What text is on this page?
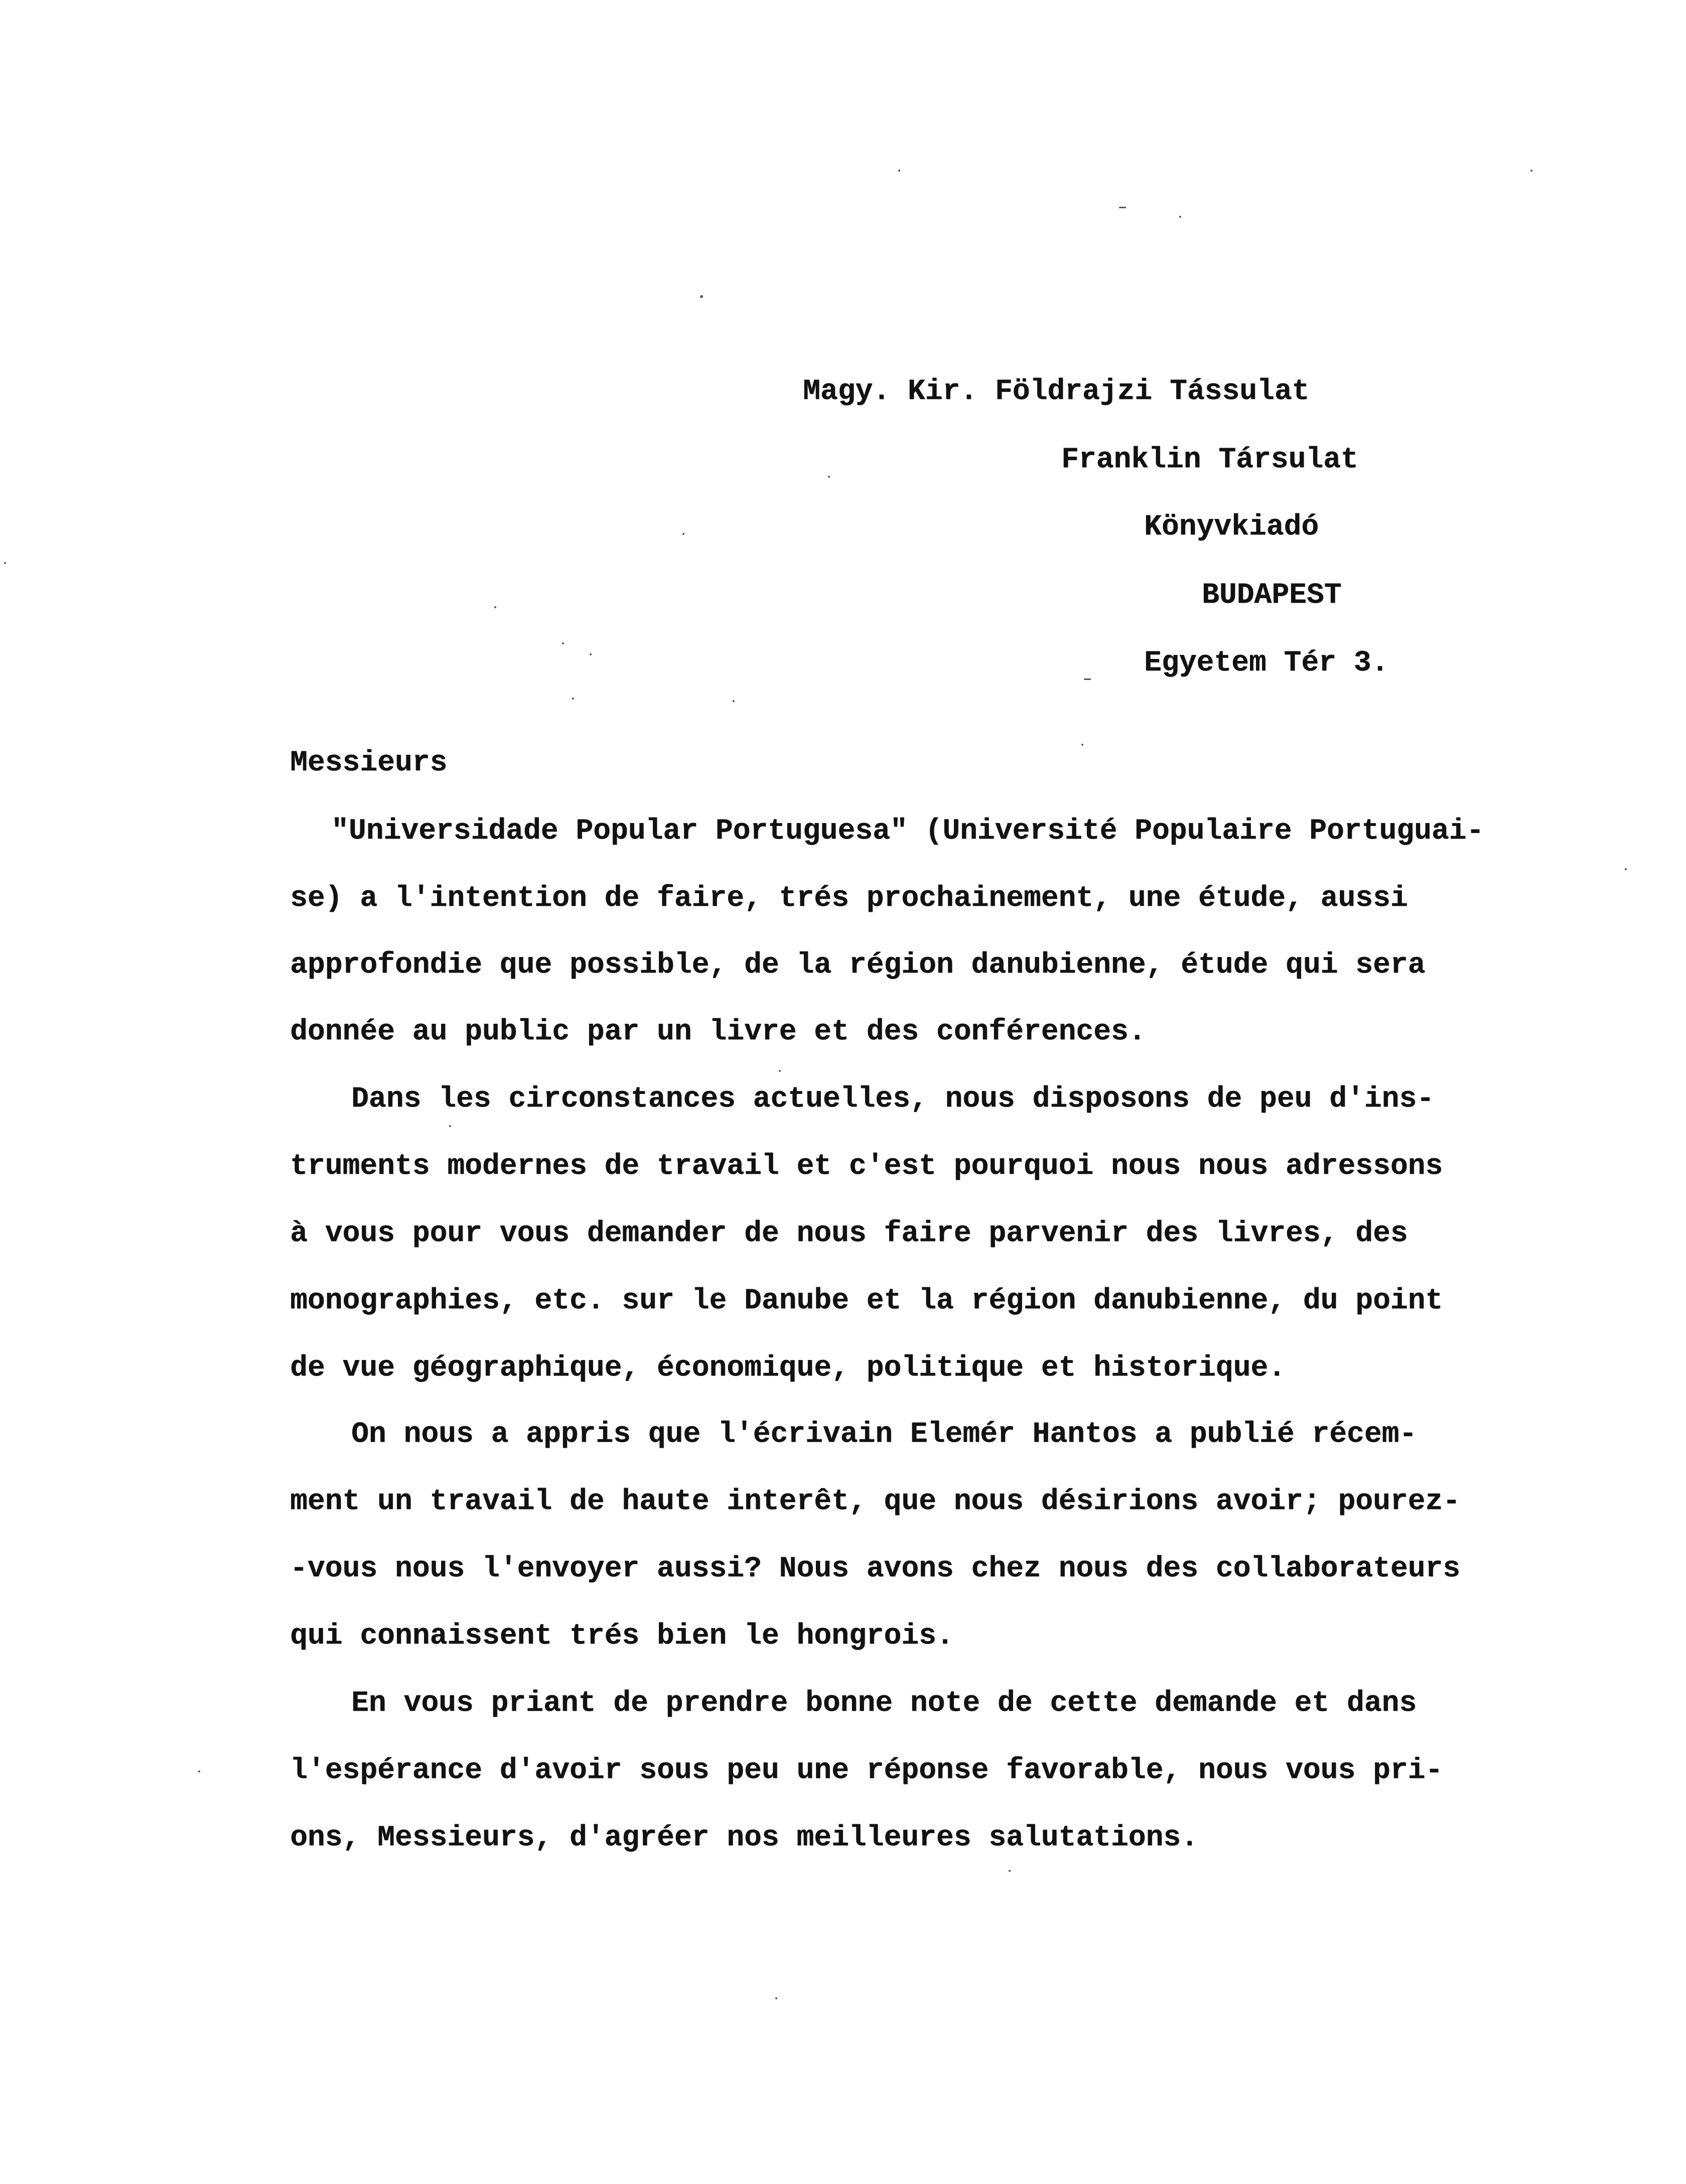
Magy. Kir. Földrajzi Tássulat
Franklin Társulat
Könyvkiadó
BUDAPEST
Egyetem Tér 3.
Messieurs
"Universidade Popular Portuguesa" (Université Populaire Portuguai-
se) a l'intention de faire, trés prochainement, une étude, aussi
approfondie que possible, de la région danubienne, étude qui sera
donnée au public par un livre et des conférences.
Dans les circonstances actuelles, nous disposons de peu d'ins-
truments modernes de travail et c'est pourquoi nous nous adressons
à vous pour vous demander de nous faire parvenir des livres, des
monographies, etc. sur le Danube et la région danubienne, du point
de vue géographique, économique, politique et historique.
On nous a appris que l'écrivain Elemér Hantos a publié récem-
ment un travail de haute interêt, que nous désirions avoir; pourez-
-vous nous l'envoyer aussi? Nous avons chez nous des collaborateurs
qui connaissent trés bien le hongrois.
En vous priant de prendre bonne note de cette demande et dans
l'espérance d'avoir sous peu une réponse favorable, nous vous pri-
ons, Messieurs, d'agréer nos meilleures salutations.
